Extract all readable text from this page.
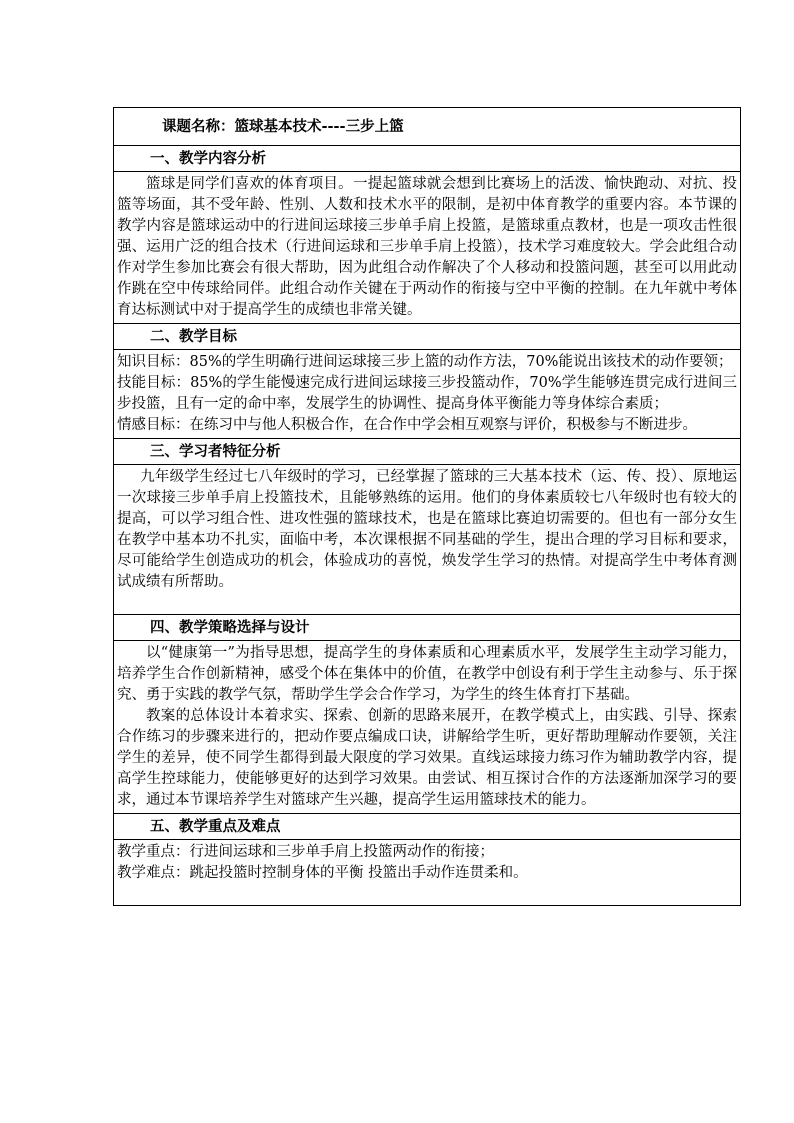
课题名称：篮球基本技术----三步上篮
一、教学内容分析

篮球是同学们喜欢的体育项目。一提起篮球就会想到比赛场上的活泼、愉快跑动、对抗、投篮等场面，其不受年龄、性别、人数和技术水平的限制，是初中体育教学的重要内容。本节课的教学内容是篮球运动中的行进间运球接三步单手肩上投篮，是篮球重点教材，也是一项攻击性很强、运用广泛的组合技术（行进间运球和三步单手肩上投篮），技术学习难度较大。学会此组合动作对学生参加比赛会有很大帮助，因为此组合动作解决了个人移动和投篮问题，甚至可以用此动作跳在空中传球给同伴。此组合动作关键在于两动作的衔接与空中平衡的控制。在九年就中考体育达标测试中对于提高学生的成绩也非常关键。

二、教学目标

知识目标：85%的学生明确行进间运球接三步上篮的动作方法，70%能说出该技术的动作要领；

技能目标：85%的学生能慢速完成行进间运球接三步投篮动作，70%学生能够连贯完成行进间三步投篮，且有一定的命中率，发展学生的协调性、提高身体平衡能力等身体综合素质；

情感目标：在练习中与他人积极合作，在合作中学会相互观察与评价，积极参与不断进步。

三、学习者特征分析

九年级学生经过七八年级时的学习，已经掌握了篮球的三大基本技术（运、传、投）、原地运一次球接三步单手肩上投篮技术，且能够熟练的运用。他们的身体素质较七八年级时也有较大的提高，可以学习组合性、进攻性强的篮球技术，也是在篮球比赛迫切需要的。但也有一部分女生在教学中基本功不扎实，面临中考，本次课根据不同基础的学生，提出合理的学习目标和要求，尽可能给学生创造成功的机会，体验成功的喜悦，焕发学生学习的热情。对提高学生中考体育测试成绩有所帮助。

四、教学策略选择与设计

以“健康第一”为指导思想，提高学生的身体素质和心理素质水平，发展学生主动学习能力，培养学生合作创新精神，感受个体在集体中的价值，在教学中创设有利于学生主动参与、乐于探究、勇于实践的教学气氛，帮助学生学会合作学习，为学生的终生体育打下基础。

教案的总体设计本着求实、探索、创新的思路来展开，在教学模式上，由实践、引导、探索合作练习的步骤来进行的，把动作要点编成口诀，讲解给学生听，更好帮助理解动作要领，关注学生的差异，使不同学生都得到最大限度的学习效果。直线运球接力练习作为辅助教学内容，提高学生控球能力，使能够更好的达到学习效果。由尝试、相互探讨合作的方法逐渐加深学习的要求，通过本节课培养学生对篮球产生兴趣，提高学生运用篮球技术的能力。

五、教学重点及难点

教学重点：行进间运球和三步单手肩上投篮两动作的衔接；

教学难点：跳起投篮时控制身体的平衡 投篮出手动作连贯柔和。
